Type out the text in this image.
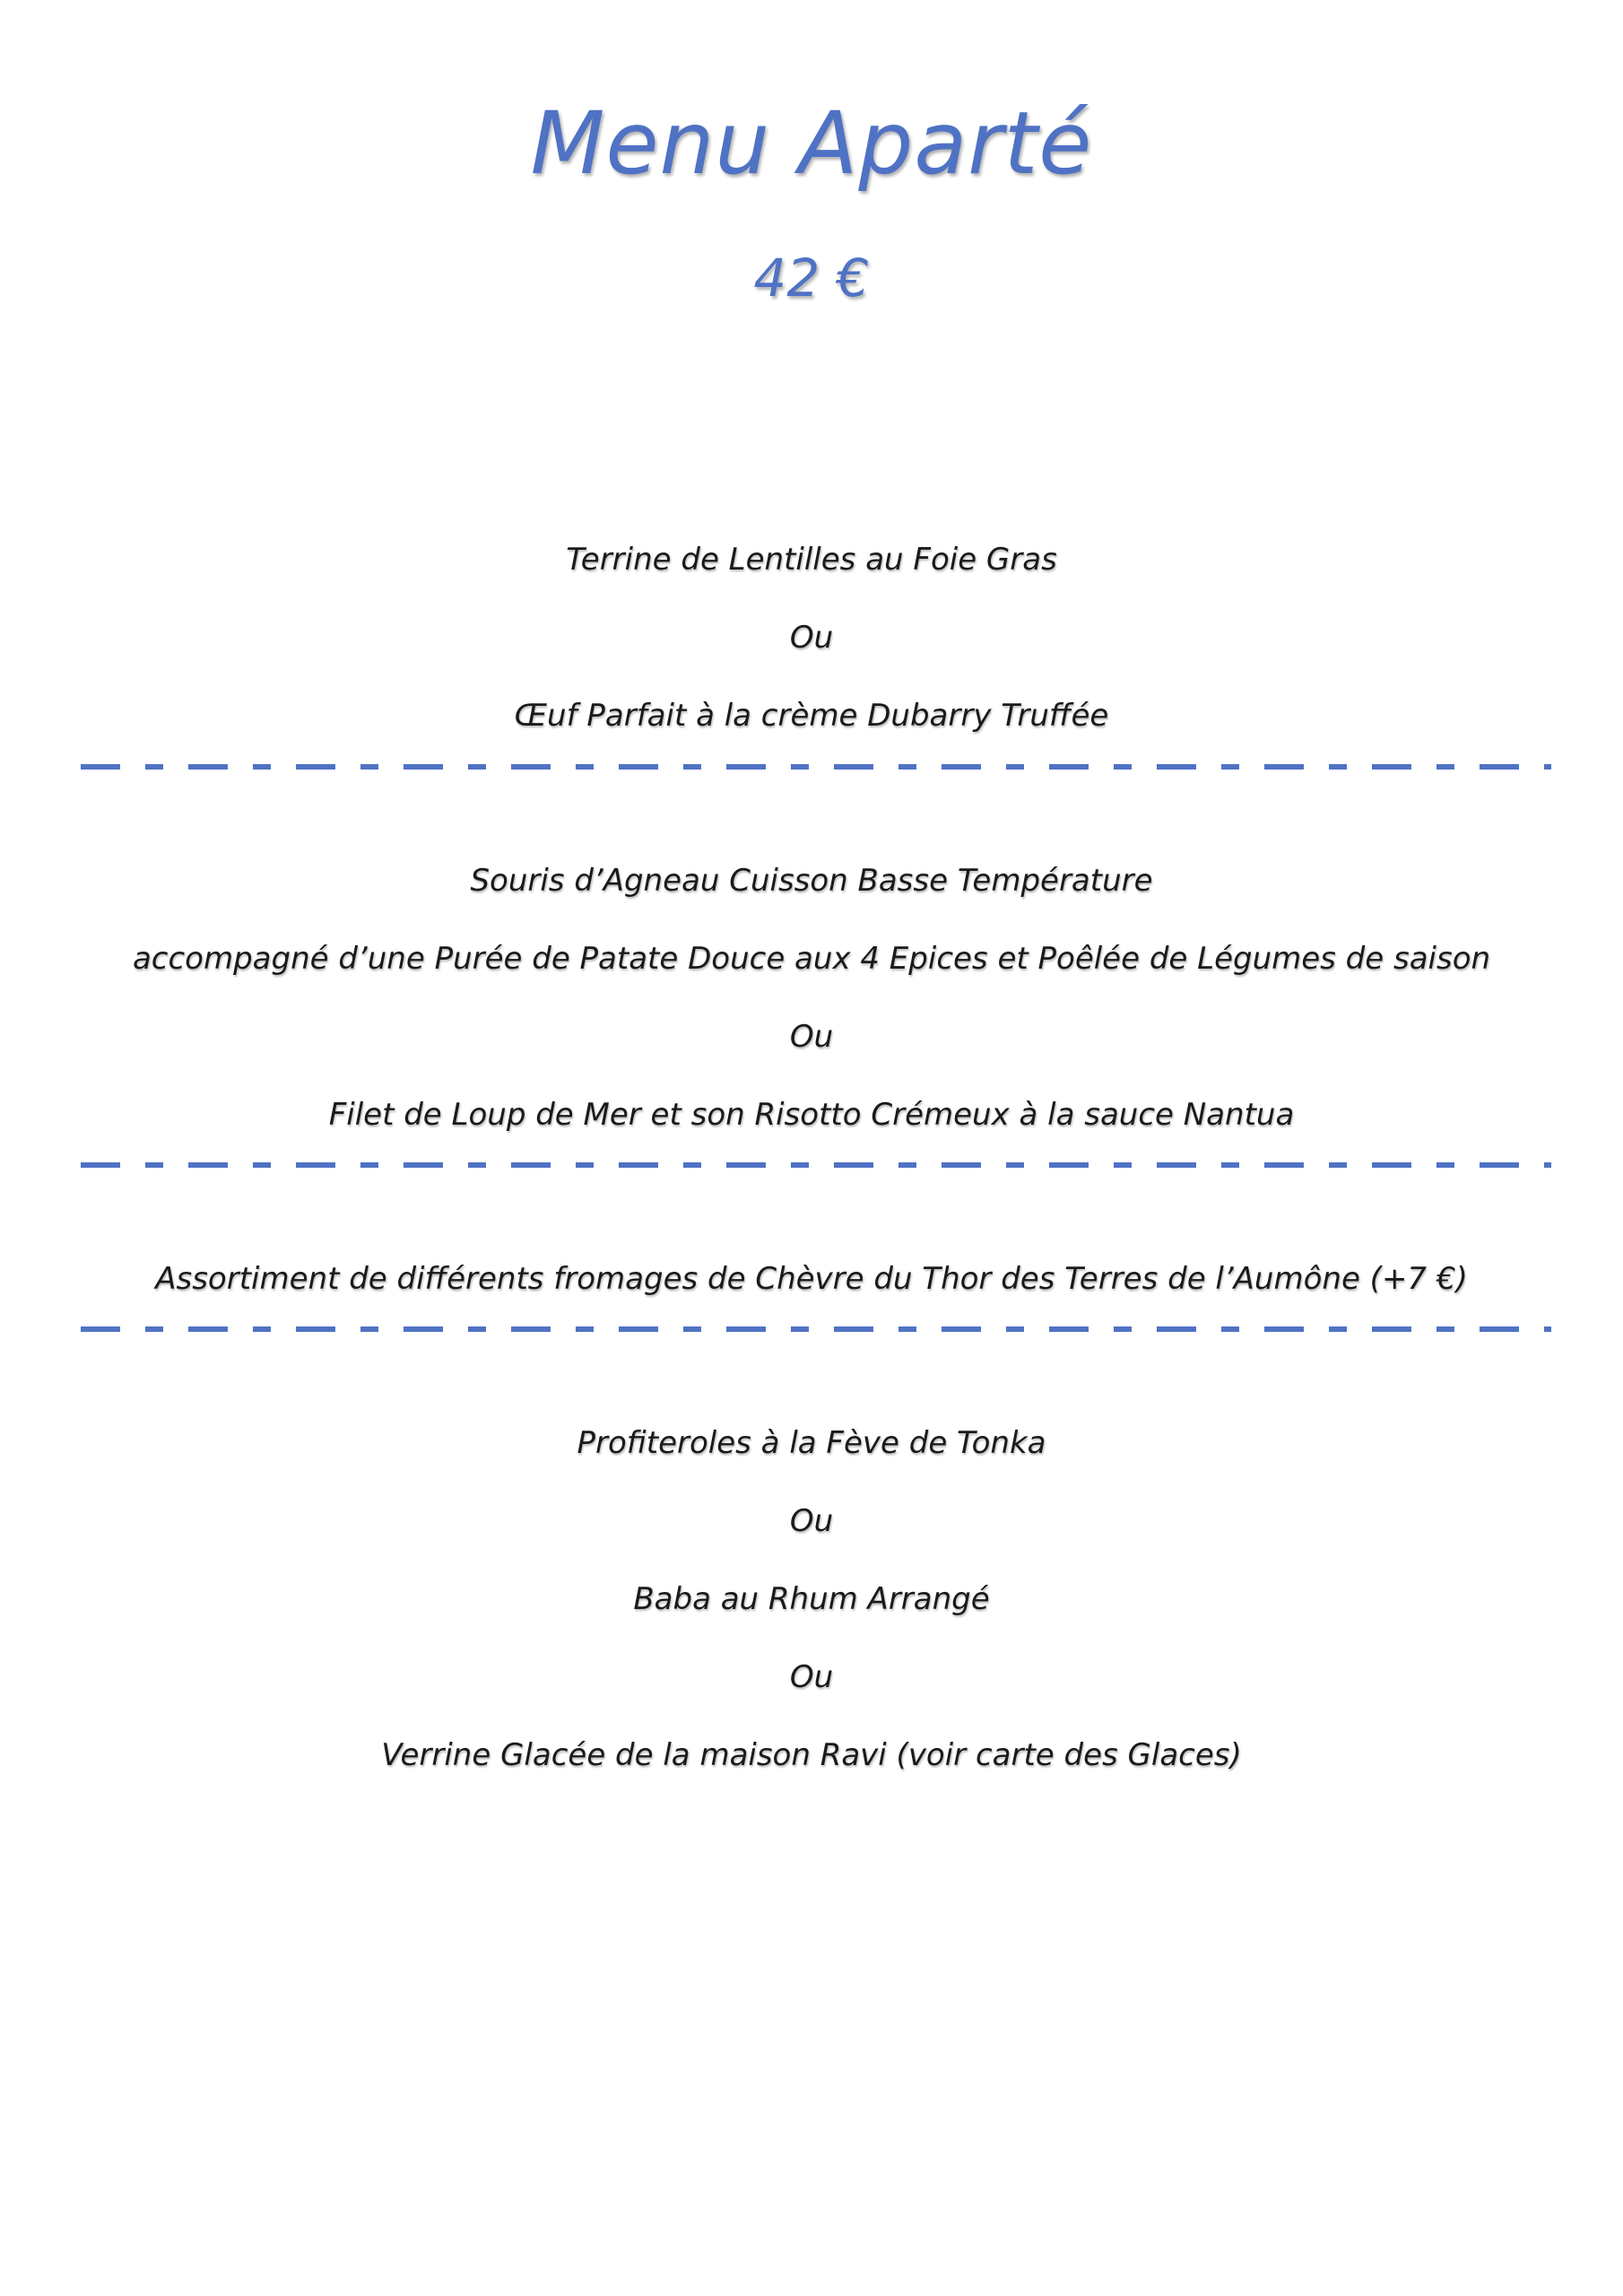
Menu Aparté
42 €
Terrine de Lentilles au Foie Gras
Ou
Œuf Parfait à la crème Dubarry Truffée
Souris d’Agneau Cuisson Basse Température
accompagné d’une Purée de Patate Douce aux 4 Epices et Poêlée de Légumes de saison
Ou
Filet de Loup de Mer et son Risotto Crémeux à la sauce Nantua
Assortiment de différents fromages de Chèvre du Thor des Terres de l’Aumône (+7 €)
Profiteroles à la Fève de Tonka
Ou
Baba au Rhum Arrangé
Ou
Verrine Glacée de la maison Ravi (voir carte des Glaces)
